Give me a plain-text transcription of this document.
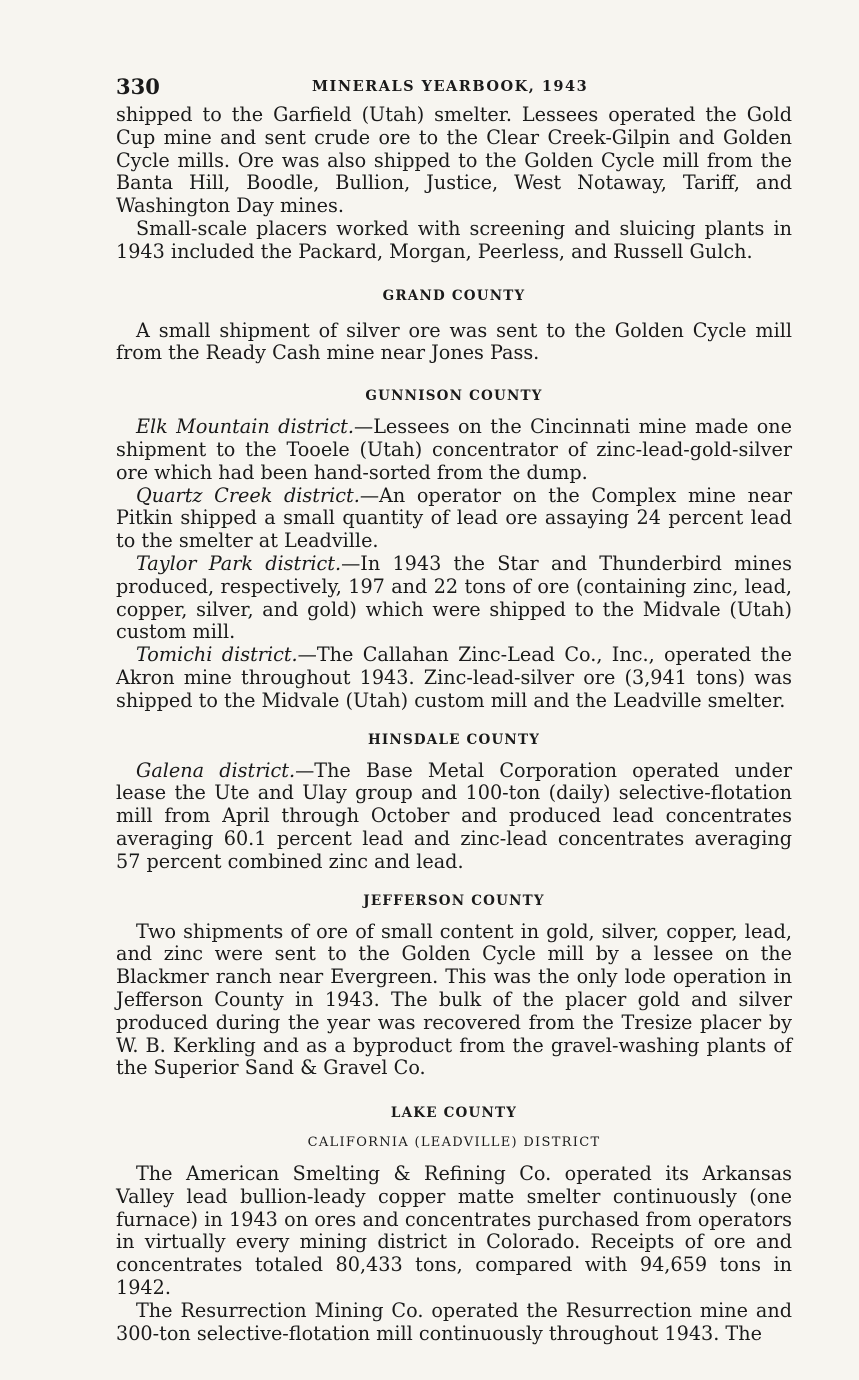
330	MINERALS YEARBOOK, 1943

shipped to the Garfield (Utah) smelter. Lessees operated the Gold Cup mine and sent crude ore to the Clear Creek-Gilpin and Golden Cycle mills. Ore was also shipped to the Golden Cycle mill from the Banta Hill, Boodle, Bullion, Justice, West Notaway, Tariff, and Washington Day mines.

Small-scale placers worked with screening and sluicing plants in 1943 included the Packard, Morgan, Peerless, and Russell Gulch.

GRAND COUNTY

A small shipment of silver ore was sent to the Golden Cycle mill from the Ready Cash mine near Jones Pass.

GUNNISON COUNTY

Elk Mountain district.—Lessees on the Cincinnati mine made one shipment to the Tooele (Utah) concentrator of zinc-lead-gold-silver ore which had been hand-sorted from the dump.

Quartz Creek district.—An operator on the Complex mine near Pitkin shipped a small quantity of lead ore assaying 24 percent lead to the smelter at Leadville.

Taylor Park district.—In 1943 the Star and Thunderbird mines produced, respectively, 197 and 22 tons of ore (containing zinc, lead, copper, silver, and gold) which were shipped to the Midvale (Utah) custom mill.

Tomichi district.—The Callahan Zinc-Lead Co., Inc., operated the Akron mine throughout 1943. Zinc-lead-silver ore (3,941 tons) was shipped to the Midvale (Utah) custom mill and the Leadville smelter.

HINSDALE COUNTY

Galena district.—The Base Metal Corporation operated under lease the Ute and Ulay group and 100-ton (daily) selective-flotation mill from April through October and produced lead concentrates averaging 60.1 percent lead and zinc-lead concentrates averaging 57 percent combined zinc and lead.

JEFFERSON COUNTY

Two shipments of ore of small content in gold, silver, copper, lead, and zinc were sent to the Golden Cycle mill by a lessee on the Blackmer ranch near Evergreen. This was the only lode operation in Jefferson County in 1943. The bulk of the placer gold and silver produced during the year was recovered from the Tresize placer by W. B. Kerkling and as a byproduct from the gravel-washing plants of the Superior Sand & Gravel Co.

LAKE COUNTY
CALIFORNIA (LEADVILLE) DISTRICT

The American Smelting & Refining Co. operated its Arkansas Valley lead bullion-leady copper matte smelter continuously (one furnace) in 1943 on ores and concentrates purchased from operators in virtually every mining district in Colorado. Receipts of ore and concentrates totaled 80,433 tons, compared with 94,659 tons in 1942.

The Resurrection Mining Co. operated the Resurrection mine and 300-ton selective-flotation mill continuously throughout 1943. The
